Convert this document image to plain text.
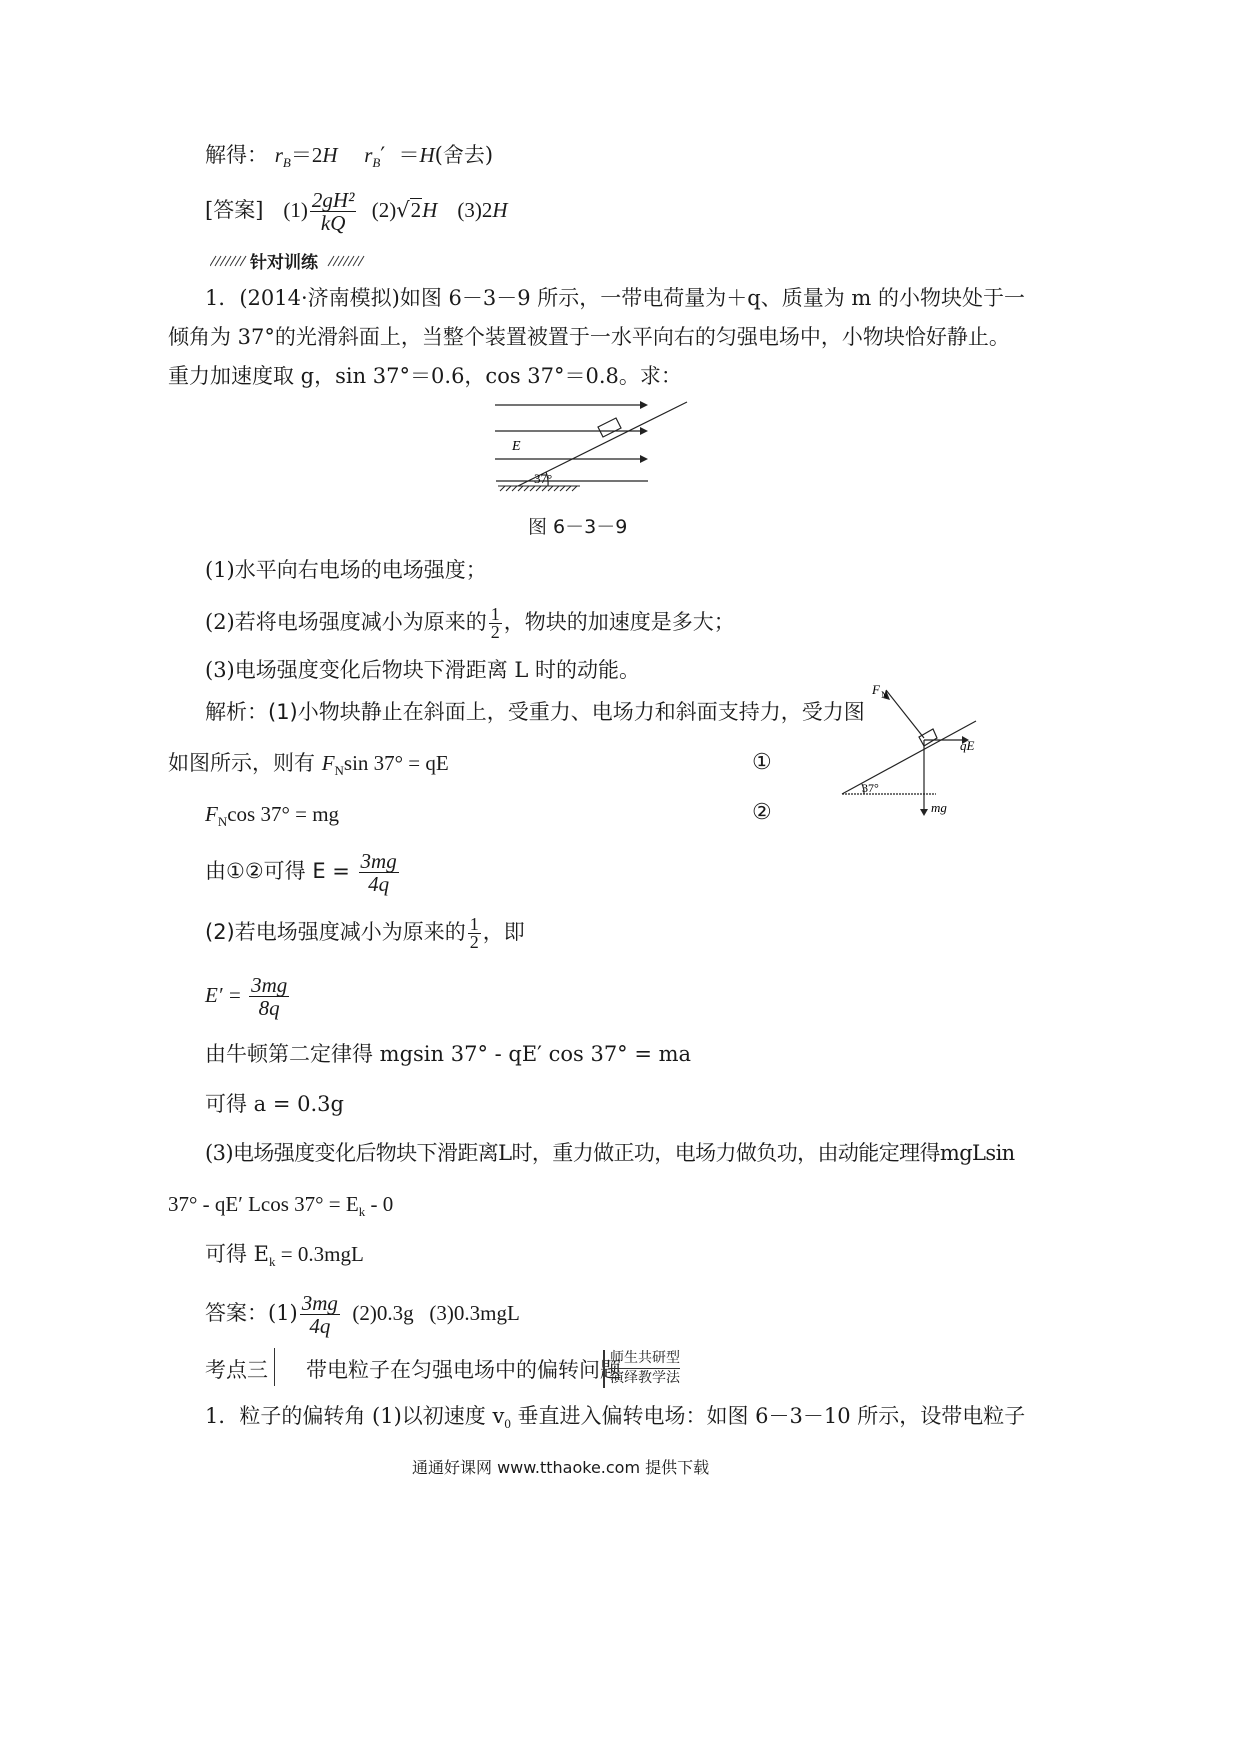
解得： $r_B=2H$ $r_B' =H$(舍去)
[答案] $(1) \frac{\text{2gH²}}{kQ} (2)√2H$ (3)2H
针对训练
1．(2014·济南模拟)如图 6－3－9 所示，一带电荷量为＋q、质量为 m 的小物块处于一
倾角为 37°的光滑斜面上，当整个装置被置于一水平向右的匀强电场中，小物块恰好静止。
重力加速度取 g，sin 37°＝0.6，cos 37°＝0.8。求：
E
37°
图 6－3－9
(1)水平向右电场的电场强度；
(2)若将电场强度减小为原来的 $\frac{1}{2}$ ，物块的加速度是多大；
(3)电场强度变化后物块下滑距离 L 时的动能。
解析：(1)小物块静止在斜面上，受重力、电场力和斜面支持力，受力图
如图所示，则有 $F_N\sin$ 37° = qE	①
$F_N\cos$ 37° = mg	②
由①②可得 $E = \frac{3mg}{4q}$
(2)若电场强度减小为原来的 $\frac{1}{2}$ ，即
$E' = \frac{3mg}{8q}$
由牛顿第二定律得 mgsin 37° - qE′ cos 37° = ma
可得 a = 0.3g
(3)电场强度变化后物块下滑距离L时，重力做正功，电场力做负功，由动能定理得mgLsin
37° - qE′ Lcos $37^\circ = E_k - 0$
可得 $E_k = 0.3mgL$
答案：$(1) \frac{3mg}{4q} (2)0.3g$   (3)0.3mgL
F N
qE
37°
mg
考点三 带电粒子在匀强电场中的偏转问题
师生共研型
演绎教学法
1．粒子的偏转角 (1)以初速度 $v_0$ 垂直进入偏转电场：如图 6－3－10 所示，设带电粒子
通通好课网 www.tthaoke.com 提供下载
